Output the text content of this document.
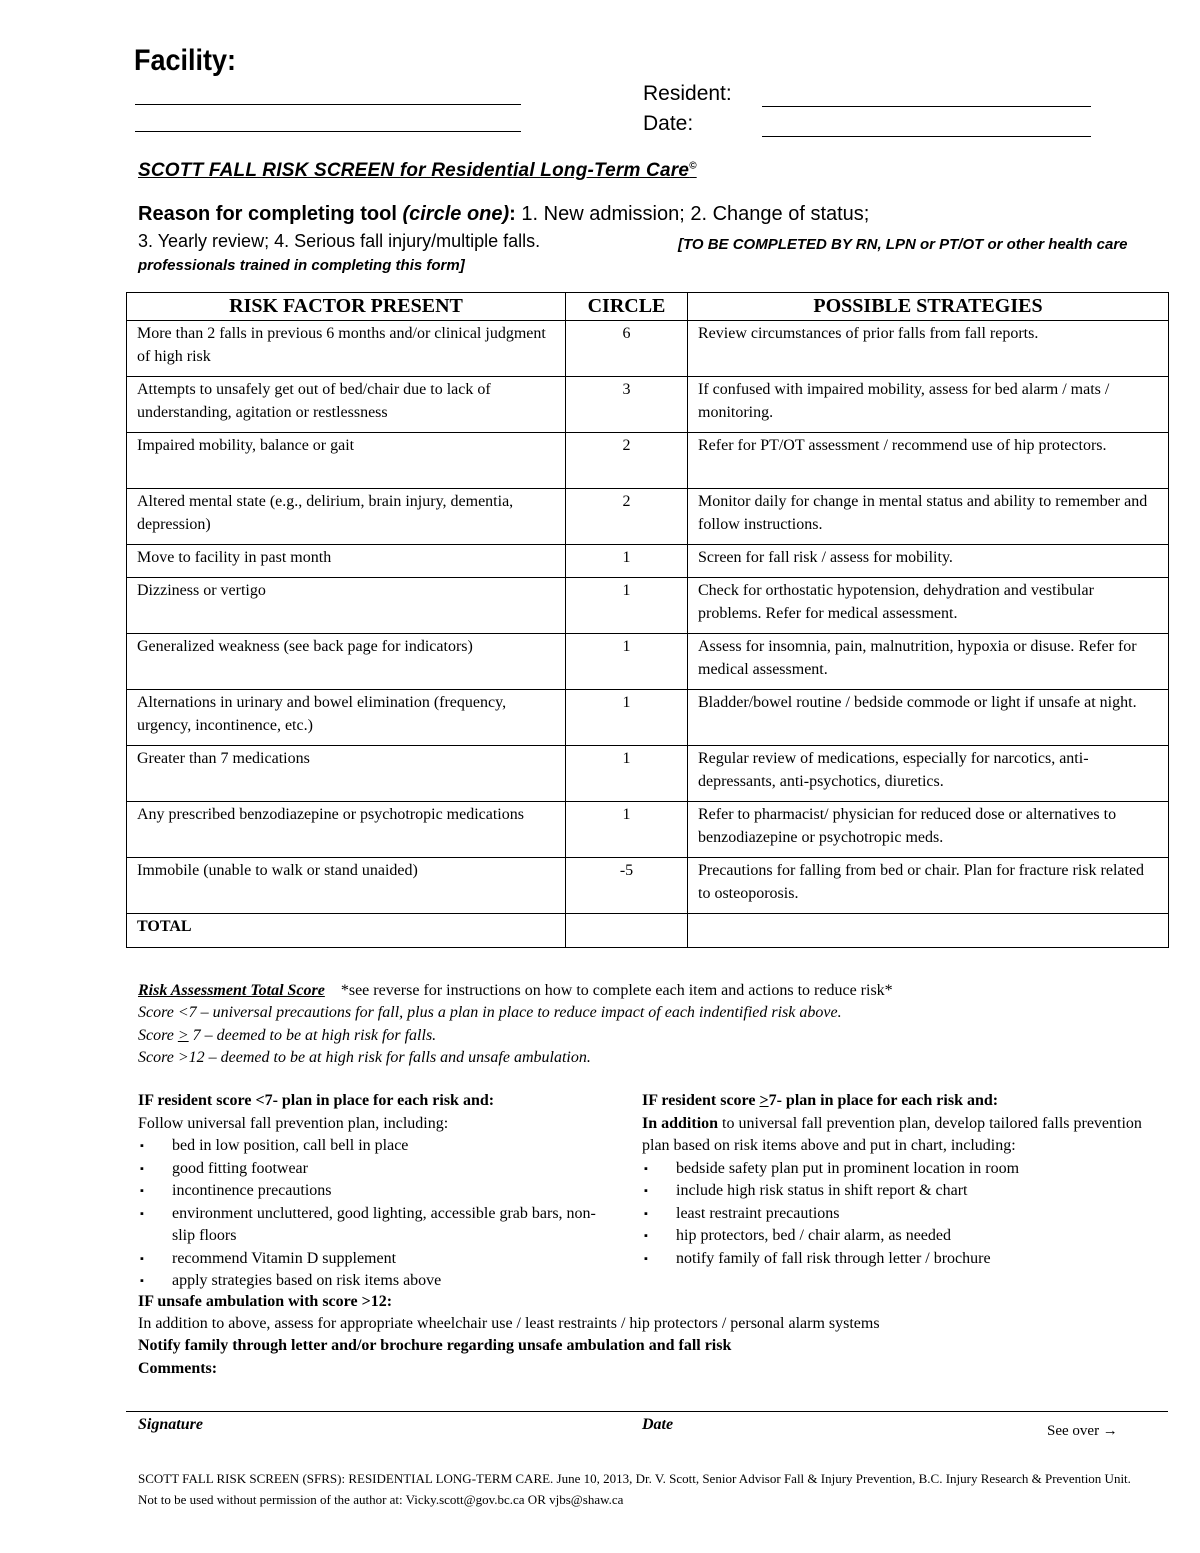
Facility:
Resident:
Date:
SCOTT FALL RISK SCREEN for Residential Long-Term Care©
Reason for completing tool (circle one): 1. New admission; 2. Change of status;
3. Yearly review; 4. Serious fall injury/multiple falls.	[TO BE COMPLETED BY RN, LPN or PT/OT or other health care professionals trained in completing this form]
RISK FACTOR PRESENT	CIRCLE	POSSIBLE STRATEGIES
More than 2 falls in previous 6 months and/or clinical judgment of high risk	6	Review circumstances of prior falls from fall reports.
Attempts to unsafely get out of bed/chair due to lack of understanding, agitation or restlessness	3	If confused with impaired mobility, assess for bed alarm / mats / monitoring.
Impaired mobility, balance or gait	2	Refer for PT/OT assessment / recommend use of hip protectors.
Altered mental state (e.g., delirium, brain injury, dementia, depression)	2	Monitor daily for change in mental status and ability to remember and follow instructions.
Move to facility in past month	1	Screen for fall risk / assess for mobility.
Dizziness or vertigo	1	Check for orthostatic hypotension, dehydration and vestibular problems. Refer for medical assessment.
Generalized weakness (see back page for indicators)	1	Assess for insomnia, pain, malnutrition, hypoxia or disuse. Refer for medical assessment.
Alternations in urinary and bowel elimination (frequency, urgency, incontinence, etc.)	1	Bladder/bowel routine / bedside commode or light if unsafe at night.
Greater than 7 medications	1	Regular review of medications, especially for narcotics, anti-depressants, anti-psychotics, diuretics.
Any prescribed benzodiazepine or psychotropic medications	1	Refer to pharmacist/ physician for reduced dose or alternatives to benzodiazepine or psychotropic meds.
Immobile (unable to walk or stand unaided)	-5	Precautions for falling from bed or chair. Plan for fracture risk related to osteoporosis.
TOTAL		
Risk Assessment Total Score *see reverse for instructions on how to complete each item and actions to reduce risk*
Score <7 – universal precautions for fall, plus a plan in place to reduce impact of each indentified risk above.
Score > 7 – deemed to be at high risk for falls.
Score >12 – deemed to be at high risk for falls and unsafe ambulation.
IF resident score <7- plan in place for each risk and:
Follow universal fall prevention plan, including:
▪ bed in low position, call bell in place
▪ good fitting footwear
▪ incontinence precautions
▪ environment uncluttered, good lighting, accessible grab bars, non-slip floors
▪ recommend Vitamin D supplement
▪ apply strategies based on risk items above
IF resident score >7- plan in place for each risk and:
In addition to universal fall prevention plan, develop tailored falls prevention plan based on risk items above and put in chart, including:
▪ bedside safety plan put in prominent location in room
▪ include high risk status in shift report & chart
▪ least restraint precautions
▪ hip protectors, bed / chair alarm, as needed
▪ notify family of fall risk through letter / brochure
IF unsafe ambulation with score >12:
In addition to above, assess for appropriate wheelchair use / least restraints / hip protectors / personal alarm systems
Notify family through letter and/or brochure regarding unsafe ambulation and fall risk
Comments:
Signature	Date	See over →
SCOTT FALL RISK SCREEN (SFRS): RESIDENTIAL LONG-TERM CARE. June 10, 2013, Dr. V. Scott, Senior Advisor Fall & Injury Prevention, B.C. Injury Research & Prevention Unit. Not to be used without permission of the author at: Vicky.scott@gov.bc.ca OR vjbs@shaw.ca
